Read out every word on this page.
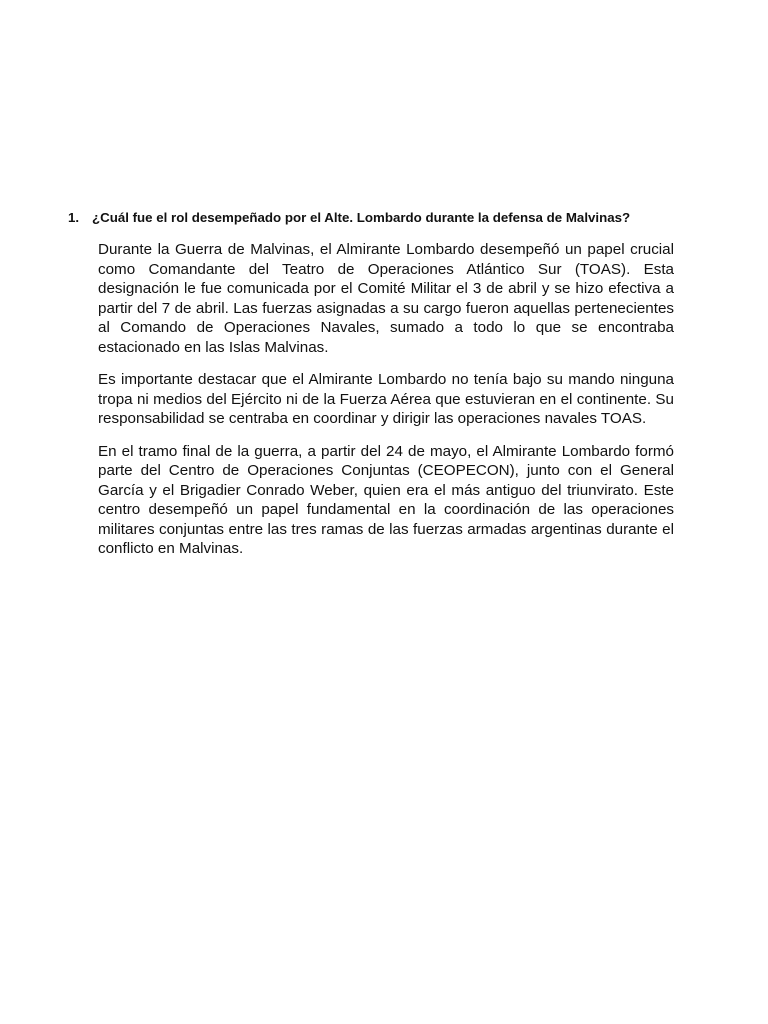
1. ¿Cuál fue el rol desempeñado por el Alte. Lombardo durante la defensa de Malvinas?

Durante la Guerra de Malvinas, el Almirante Lombardo desempeñó un papel crucial como Comandante del Teatro de Operaciones Atlántico Sur (TOAS). Esta designación le fue comunicada por el Comité Militar el 3 de abril y se hizo efectiva a partir del 7 de abril. Las fuerzas asignadas a su cargo fueron aquellas pertenecientes al Comando de Operaciones Navales, sumado a todo lo que se encontraba estacionado en las Islas Malvinas.

Es importante destacar que el Almirante Lombardo no tenía bajo su mando ninguna tropa ni medios del Ejército ni de la Fuerza Aérea que estuvieran en el continente. Su responsabilidad se centraba en coordinar y dirigir las operaciones navales TOAS.

En el tramo final de la guerra, a partir del 24 de mayo, el Almirante Lombardo formó parte del Centro de Operaciones Conjuntas (CEOPECON), junto con el General García y el Brigadier Conrado Weber, quien era el más antiguo del triunvirato. Este centro desempeñó un papel fundamental en la coordinación de las operaciones militares conjuntas entre las tres ramas de las fuerzas armadas argentinas durante el conflicto en Malvinas.
